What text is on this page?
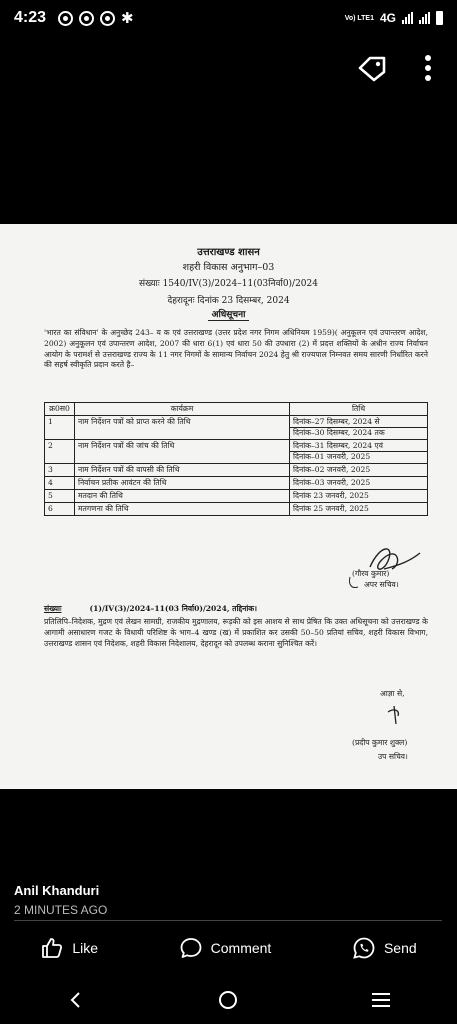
4:23	✱	Vo) LTE1 4G
उत्तराखण्ड शासन
शहरी विकास अनुभाग–03
संख्याः 1540/IV(3)/2024–11(03निर्वा0)/2024
देहरादूनः दिनांक 23 दिसम्बर, 2024
अधिसूचना
'भारत का संविधान' के अनुच्छेद 243– य क एवं उत्तराखण्ड (उत्तर प्रदेश नगर निगम अधिनियम 1959)( अनुकूलन एवं उपान्तरण आदेश, 2002) अनुकूलन एवं उपान्तरण आदेश, 2007 की धारा 6(1) एवं धारा 50 की उपधारा (2) में प्रदत्त शक्तियों के अधीन राज्य निर्वाचन आयोग के परामर्श से उत्तराखण्ड राज्य के 11 नगर निगमों के सामान्य निर्वाचन 2024 हेतु श्री राज्यपाल निम्नवत समय सारणी निर्धारित करने की सहर्ष स्वीकृति प्रदान करते है–
क्र0स0	कार्यक्रम	तिथि
1	नाम निर्देशन पत्रों को प्राप्त करने की तिथि	दिनांक–27 दिसम्बर, 2024 से
दिनांक–30 दिसम्बर, 2024 तक

2	नाम निर्देशन पत्रों की जांच की तिथि	दिनांक–31 दिसम्बर, 2024 एवं
दिनांक–01 जनवरी, 2025

3	नाम निर्देशन पत्रों की वापसी की तिथि	दिनांक–02 जनवरी, 2025
4	निर्वाचन प्रतीक आवंटन की तिथि	दिनांक–03 जनवरी, 2025
5	मतदान की तिथि	दिनांक 23 जनवरी, 2025
6	मतगणना की तिथि	दिनांक 25 जनवरी, 2025
(गौरव कुमार)
अपर सचिव।
संख्याः	(1)/IV(3)/2024–11(03 निर्वा0)/2024, तद्दिनांक।
प्रतिलिपि–निदेशक, मुद्रण एवं लेखन सामग्री, राजकीय मुद्रणालय, रूड़की को इस आशय से साथ प्रेषित कि उक्त अधिसूचना को उत्तराखण्ड के आगामी असाधारण गजट के विधायी परिशिष्ट के भाग–4 खण्ड (ख) में प्रकाशित कर उसकी 50–50 प्रतियां सचिव, शहरी विकास विभाग, उत्तराखण्ड शासन एवं निदेशक, शहरी विकास निदेशालय, देहरादून को उपलब्ध कराना सुनिश्चित करें।
आज्ञा से,
(प्रदीप कुमार शुक्ल)
उप सचिव।
Anil Khanduri
2 MINUTES AGO
Like	Comment	Send
